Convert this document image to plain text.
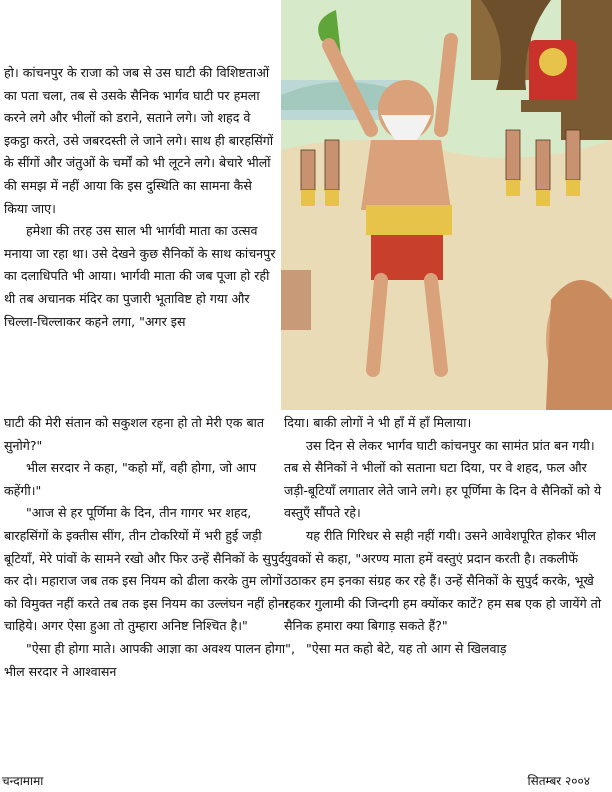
हो। कांचनपुर के राजा को जब से उस घाटी की विशिष्टताओं का पता चला, तब से उसके सैनिक भार्गव घाटी पर हमला करने लगे और भीलों को डराने, सताने लगे। जो शहद वे इकट्ठा करते, उसे जबरदस्ती ले जाने लगे। साथ ही बारहसिंगों के सींगों और जंतुओं के चर्मों को भी लूटने लगे। बेचारे भीलों की समझ में नहीं आया कि इस दुस्थिति का सामना कैसे किया जाए।

हमेशा की तरह उस साल भी भार्गवी माता का उत्सव मनाया जा रहा था। उसे देखने कुछ सैनिकों के साथ कांचनपुर का दलाधिपति भी आया। भार्गवी माता की जब पूजा हो रही थी तब अचानक मंदिर का पुजारी भूताविष्ट हो गया और चिल्ला-चिल्लाकर कहने लगा, "अगर इस

घाटी की मेरी संतान को सकुशल रहना हो तो मेरी एक बात सुनोगे?"

भील सरदार ने कहा, "कहो माँ, वही होगा, जो आप कहेंगी।"

"आज से हर पूर्णिमा के दिन, तीन गागर भर शहद, बारहसिंगों के इक्तीस सींग, तीन टोकरियों में भरी हुई जड़ी बूटियाँ, मेरे पांवों के सामने रखो और फिर उन्हें सैनिकों के सुपुर्द कर दो। महाराज जब तक इस नियम को ढीला करके तुम लोगों को विमुक्त नहीं करते तब तक इस नियम का उल्लंघन नहीं होना चाहिये। अगर ऐसा हुआ तो तुम्हारा अनिष्ट निश्चित है।"

"ऐसा ही होगा माते। आपकी आज्ञा का अवश्य पालन होगा", भील सरदार ने आश्वासन

दिया। बाकी लोगों ने भी हाँ में हाँ मिलाया।

उस दिन से लेकर भार्गव घाटी कांचनपुर का सामंत प्रांत बन गयी। तब से सैनिकों ने भीलों को सताना घटा दिया, पर वे शहद, फल और जड़ी-बूटियाँ लगातार लेते जाने लगे। हर पूर्णिमा के दिन वे सैनिकों को ये वस्तुएँ सौंपते रहे।

यह रीति गिरिधर से सही नहीं गयी। उसने आवेशपूरित होकर भील युवकों से कहा, "अरण्य माता हमें वस्तुएं प्रदान करती है। तकलीफें उठाकर हम इनका संग्रह कर रहे हैं। उन्हें सैनिकों के सुपुर्द करके, भूखे रहकर गुलामी की जिन्दगी हम क्योंकर काटें? हम सब एक हो जायेंगे तो सैनिक हमारा क्या बिगाड़ सकते हैं?"

"ऐसा मत कहो बेटे, यह तो आग से खिलवाड़

चन्दामामा	सितम्बर २००४
